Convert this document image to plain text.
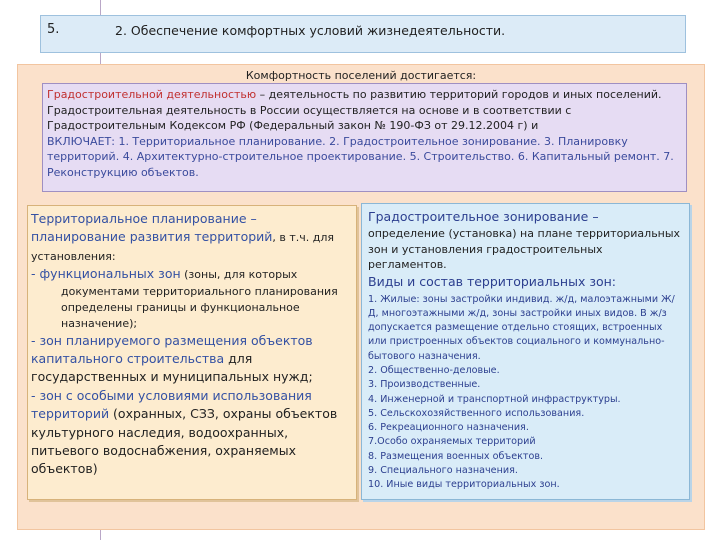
5.	2. Обеспечение комфортных условий жизнедеятельности.
Комфортность поселений достигается:
Градостроительной деятельностью – деятельность по развитию территорий городов и иных поселений.
Градостроительная деятельность в России осуществляется на основе и в соответствии с Градостроительным Кодексом РФ (Федеральный закон № 190-ФЗ от 29.12.2004 г) и
ВКЛЮЧАЕТ: 1. Территориальное планирование. 2. Градостроительное зонирование. 3. Планировку территорий. 4. Архитектурно-строительное проектирование. 5. Строительство. 6. Капитальный ремонт. 7. Реконструкцию объектов.
Территориальное планирование – планирование развития территорий, в т.ч. для установления:
- функциональных зон (зоны, для которых
документами территориального планирования определены границы и функциональное назначение);
- зон планируемого размещения объектов капитального строительства для государственных и муниципальных нужд;
- зон с особыми условиями использования территорий (охранных, СЗЗ, охраны объектов культурного наследия, водоохранных, питьевого водоснабжения, охраняемых объектов)
Градостроительное зонирование –
определение (установка) на плане территориальных зон и установления градостроительных регламентов.
Виды и состав территориальных зон:
1. Жилые: зоны застройки индивид. ж/д, малоэтажными Ж/Д, многоэтажными ж/д, зоны застройки иных видов. В ж/з допускается размещение отдельно стоящих, встроенных или пристроенных объектов социального и коммунально-бытового назначения.
2. Общественно-деловые.
3. Производственные.
4. Инженерной и транспортной инфраструктуры.
5. Сельскохозяйственного использования.
6. Рекреационного назначения.
7.Особо охраняемых территорий
8. Размещения военных объектов.
9. Специального назначения.
10. Иные виды территориальных зон.
